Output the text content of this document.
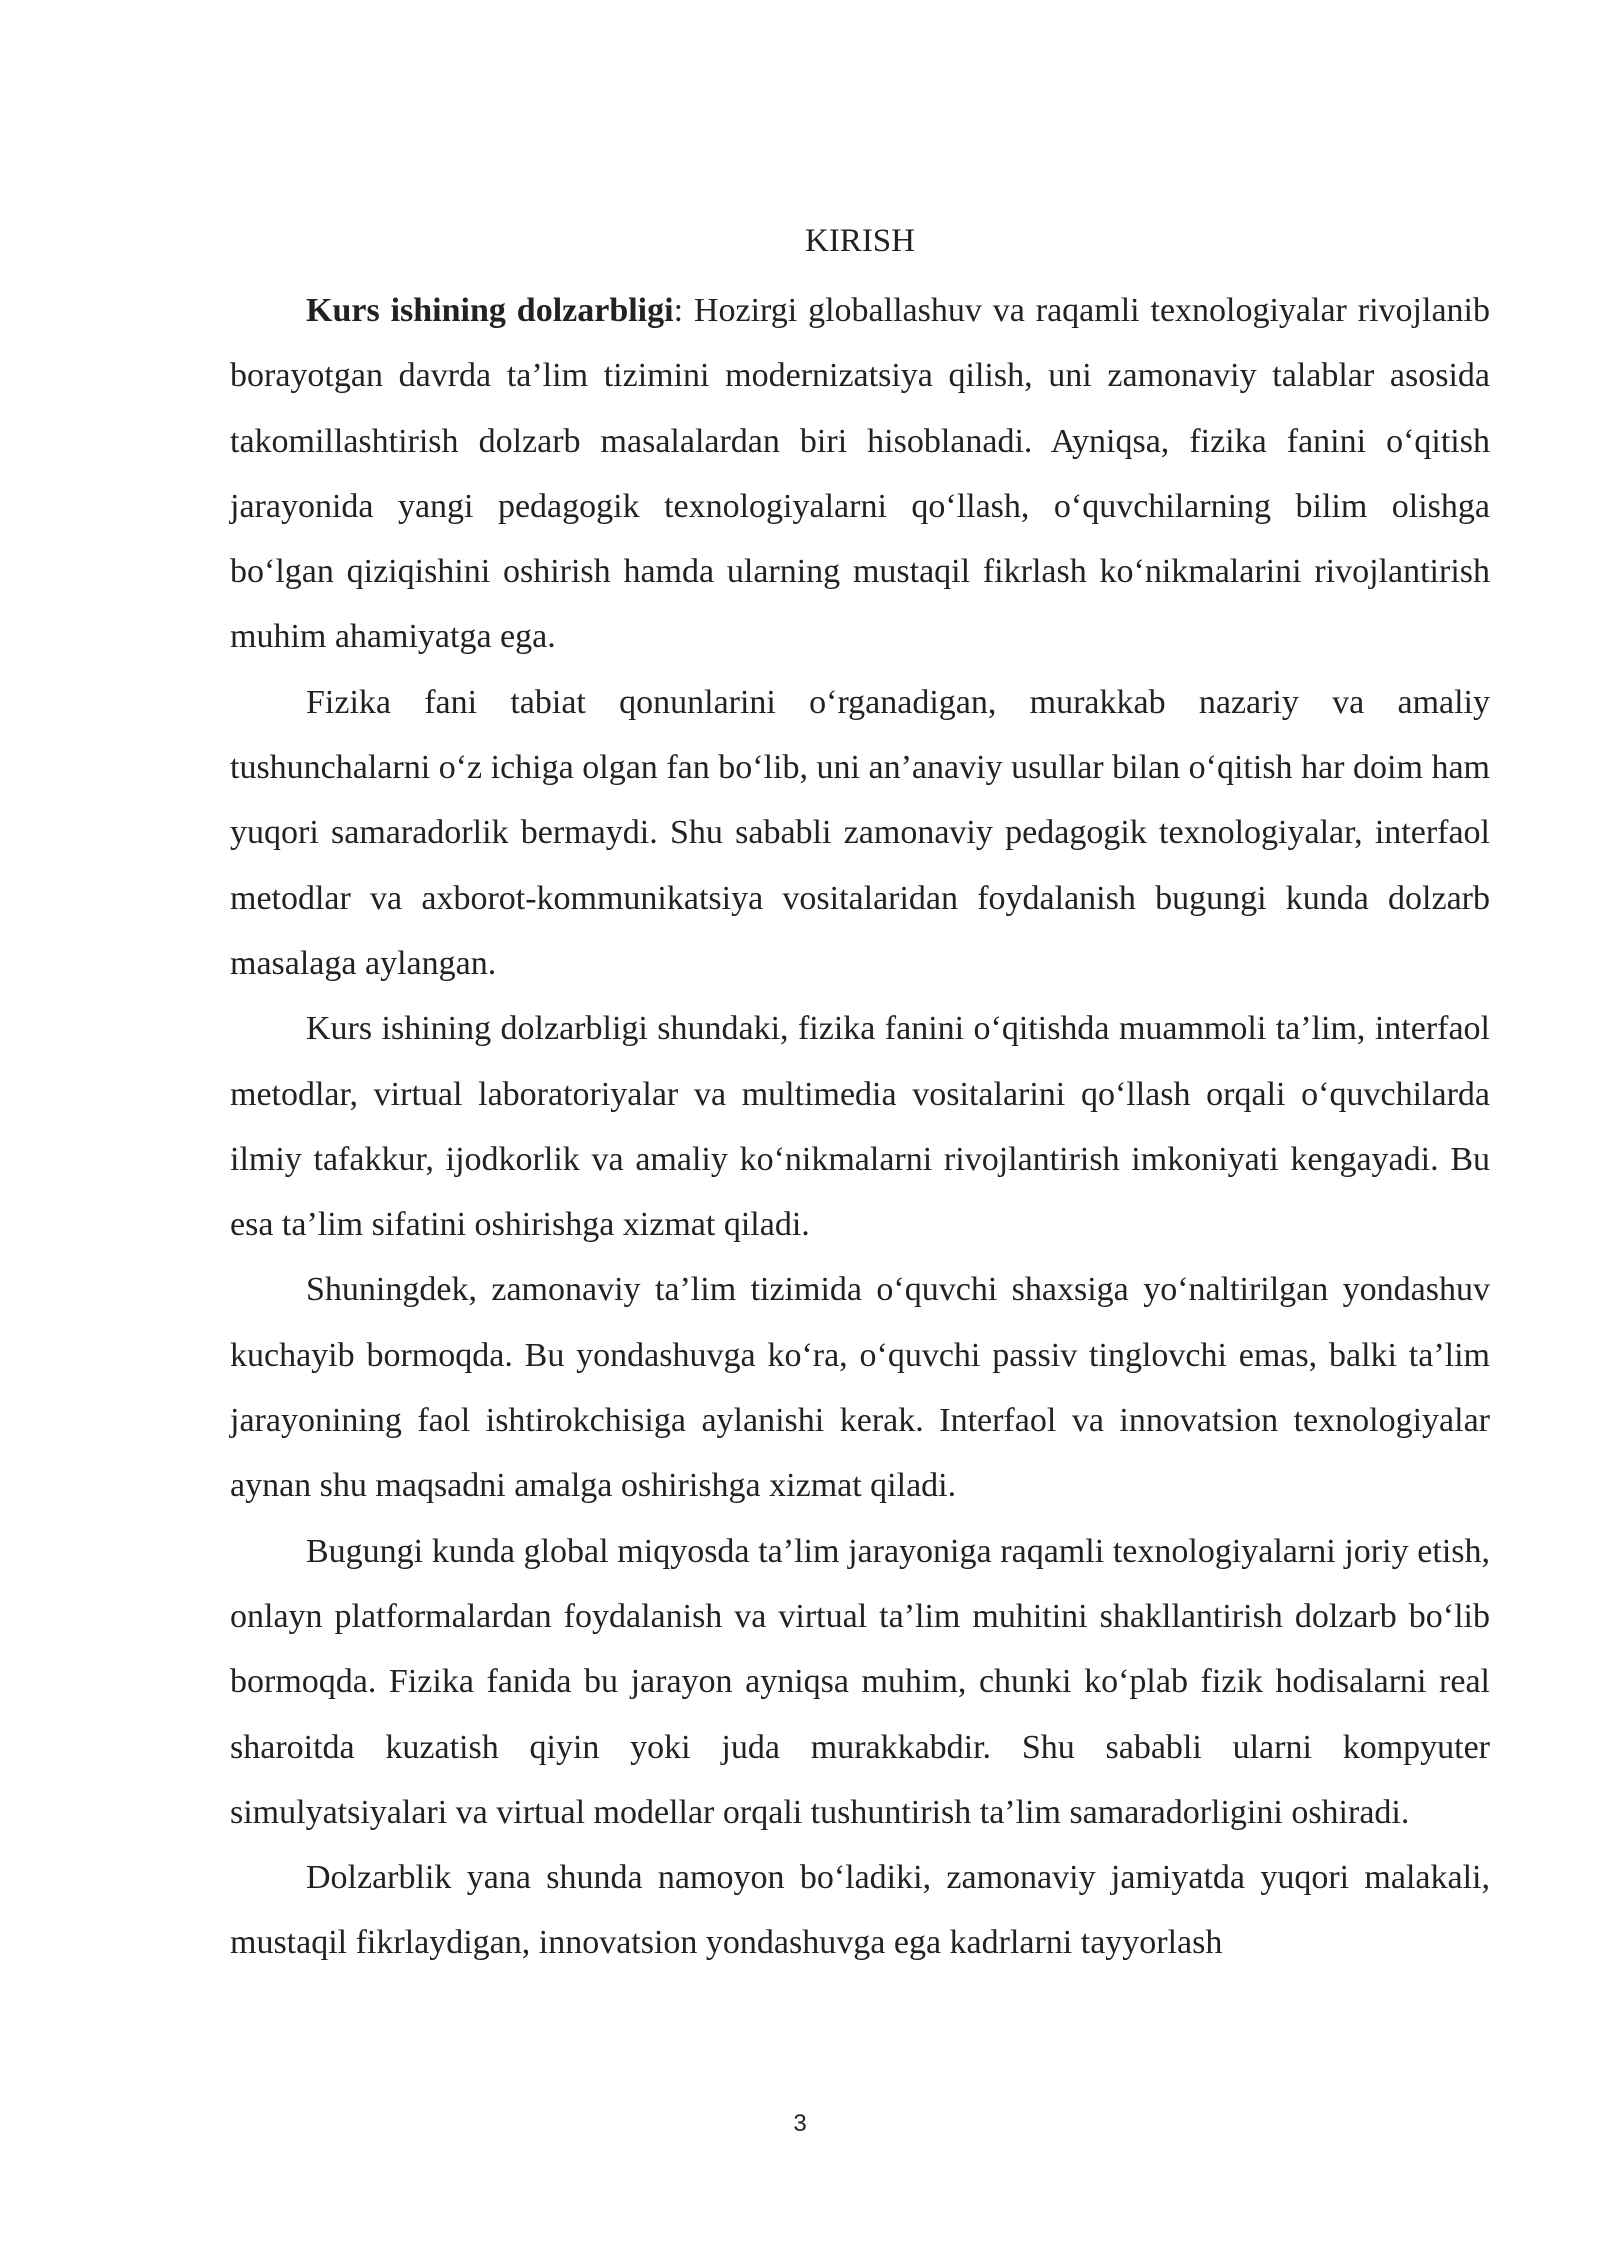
KIRISH

Kurs ishining dolzarbligi: Hozirgi globallashuv va raqamli texnologiyalar rivojlanib borayotgan davrda ta’lim tizimini modernizatsiya qilish, uni zamonaviy talablar asosida takomillashtirish dolzarb masalalardan biri hisoblanadi. Ayniqsa, fizika fanini o‘qitish jarayonida yangi pedagogik texnologiyalarni qo‘llash, o‘quvchilarning bilim olishga bo‘lgan qiziqishini oshirish hamda ularning mustaqil fikrlash ko‘nikmalarini rivojlantirish muhim ahamiyatga ega.

Fizika fani tabiat qonunlarini o‘rganadigan, murakkab nazariy va amaliy tushunchalarni o‘z ichiga olgan fan bo‘lib, uni an’anaviy usullar bilan o‘qitish har doim ham yuqori samaradorlik bermaydi. Shu sababli zamonaviy pedagogik texnologiyalar, interfaol metodlar va axborot-kommunikatsiya vositalaridan foydalanish bugungi kunda dolzarb masalaga aylangan.

Kurs ishining dolzarbligi shundaki, fizika fanini o‘qitishda muammoli ta’lim, interfaol metodlar, virtual laboratoriyalar va multimedia vositalarini qo‘llash orqali o‘quvchilarda ilmiy tafakkur, ijodkorlik va amaliy ko‘nikmalarni rivojlantirish imkoniyati kengayadi. Bu esa ta’lim sifatini oshirishga xizmat qiladi.

Shuningdek, zamonaviy ta’lim tizimida o‘quvchi shaxsiga yo‘naltirilgan yondashuv kuchayib bormoqda. Bu yondashuvga ko‘ra, o‘quvchi passiv tinglovchi emas, balki ta’lim jarayonining faol ishtirokchisiga aylanishi kerak. Interfaol va innovatsion texnologiyalar aynan shu maqsadni amalga oshirishga xizmat qiladi.

Bugungi kunda global miqyosda ta’lim jarayoniga raqamli texnologiyalarni joriy etish, onlayn platformalardan foydalanish va virtual ta’lim muhitini shakllantirish dolzarb bo‘lib bormoqda. Fizika fanida bu jarayon ayniqsa muhim, chunki ko‘plab fizik hodisalarni real sharoitda kuzatish qiyin yoki juda murakkabdir. Shu sababli ularni kompyuter simulyatsiyalari va virtual modellar orqali tushuntirish ta’lim samaradorligini oshiradi.

Dolzarblik yana shunda namoyon bo‘ladiki, zamonaviy jamiyatda yuqori malakali, mustaqil fikrlaydigan, innovatsion yondashuvga ega kadrlarni tayyorlash

3
